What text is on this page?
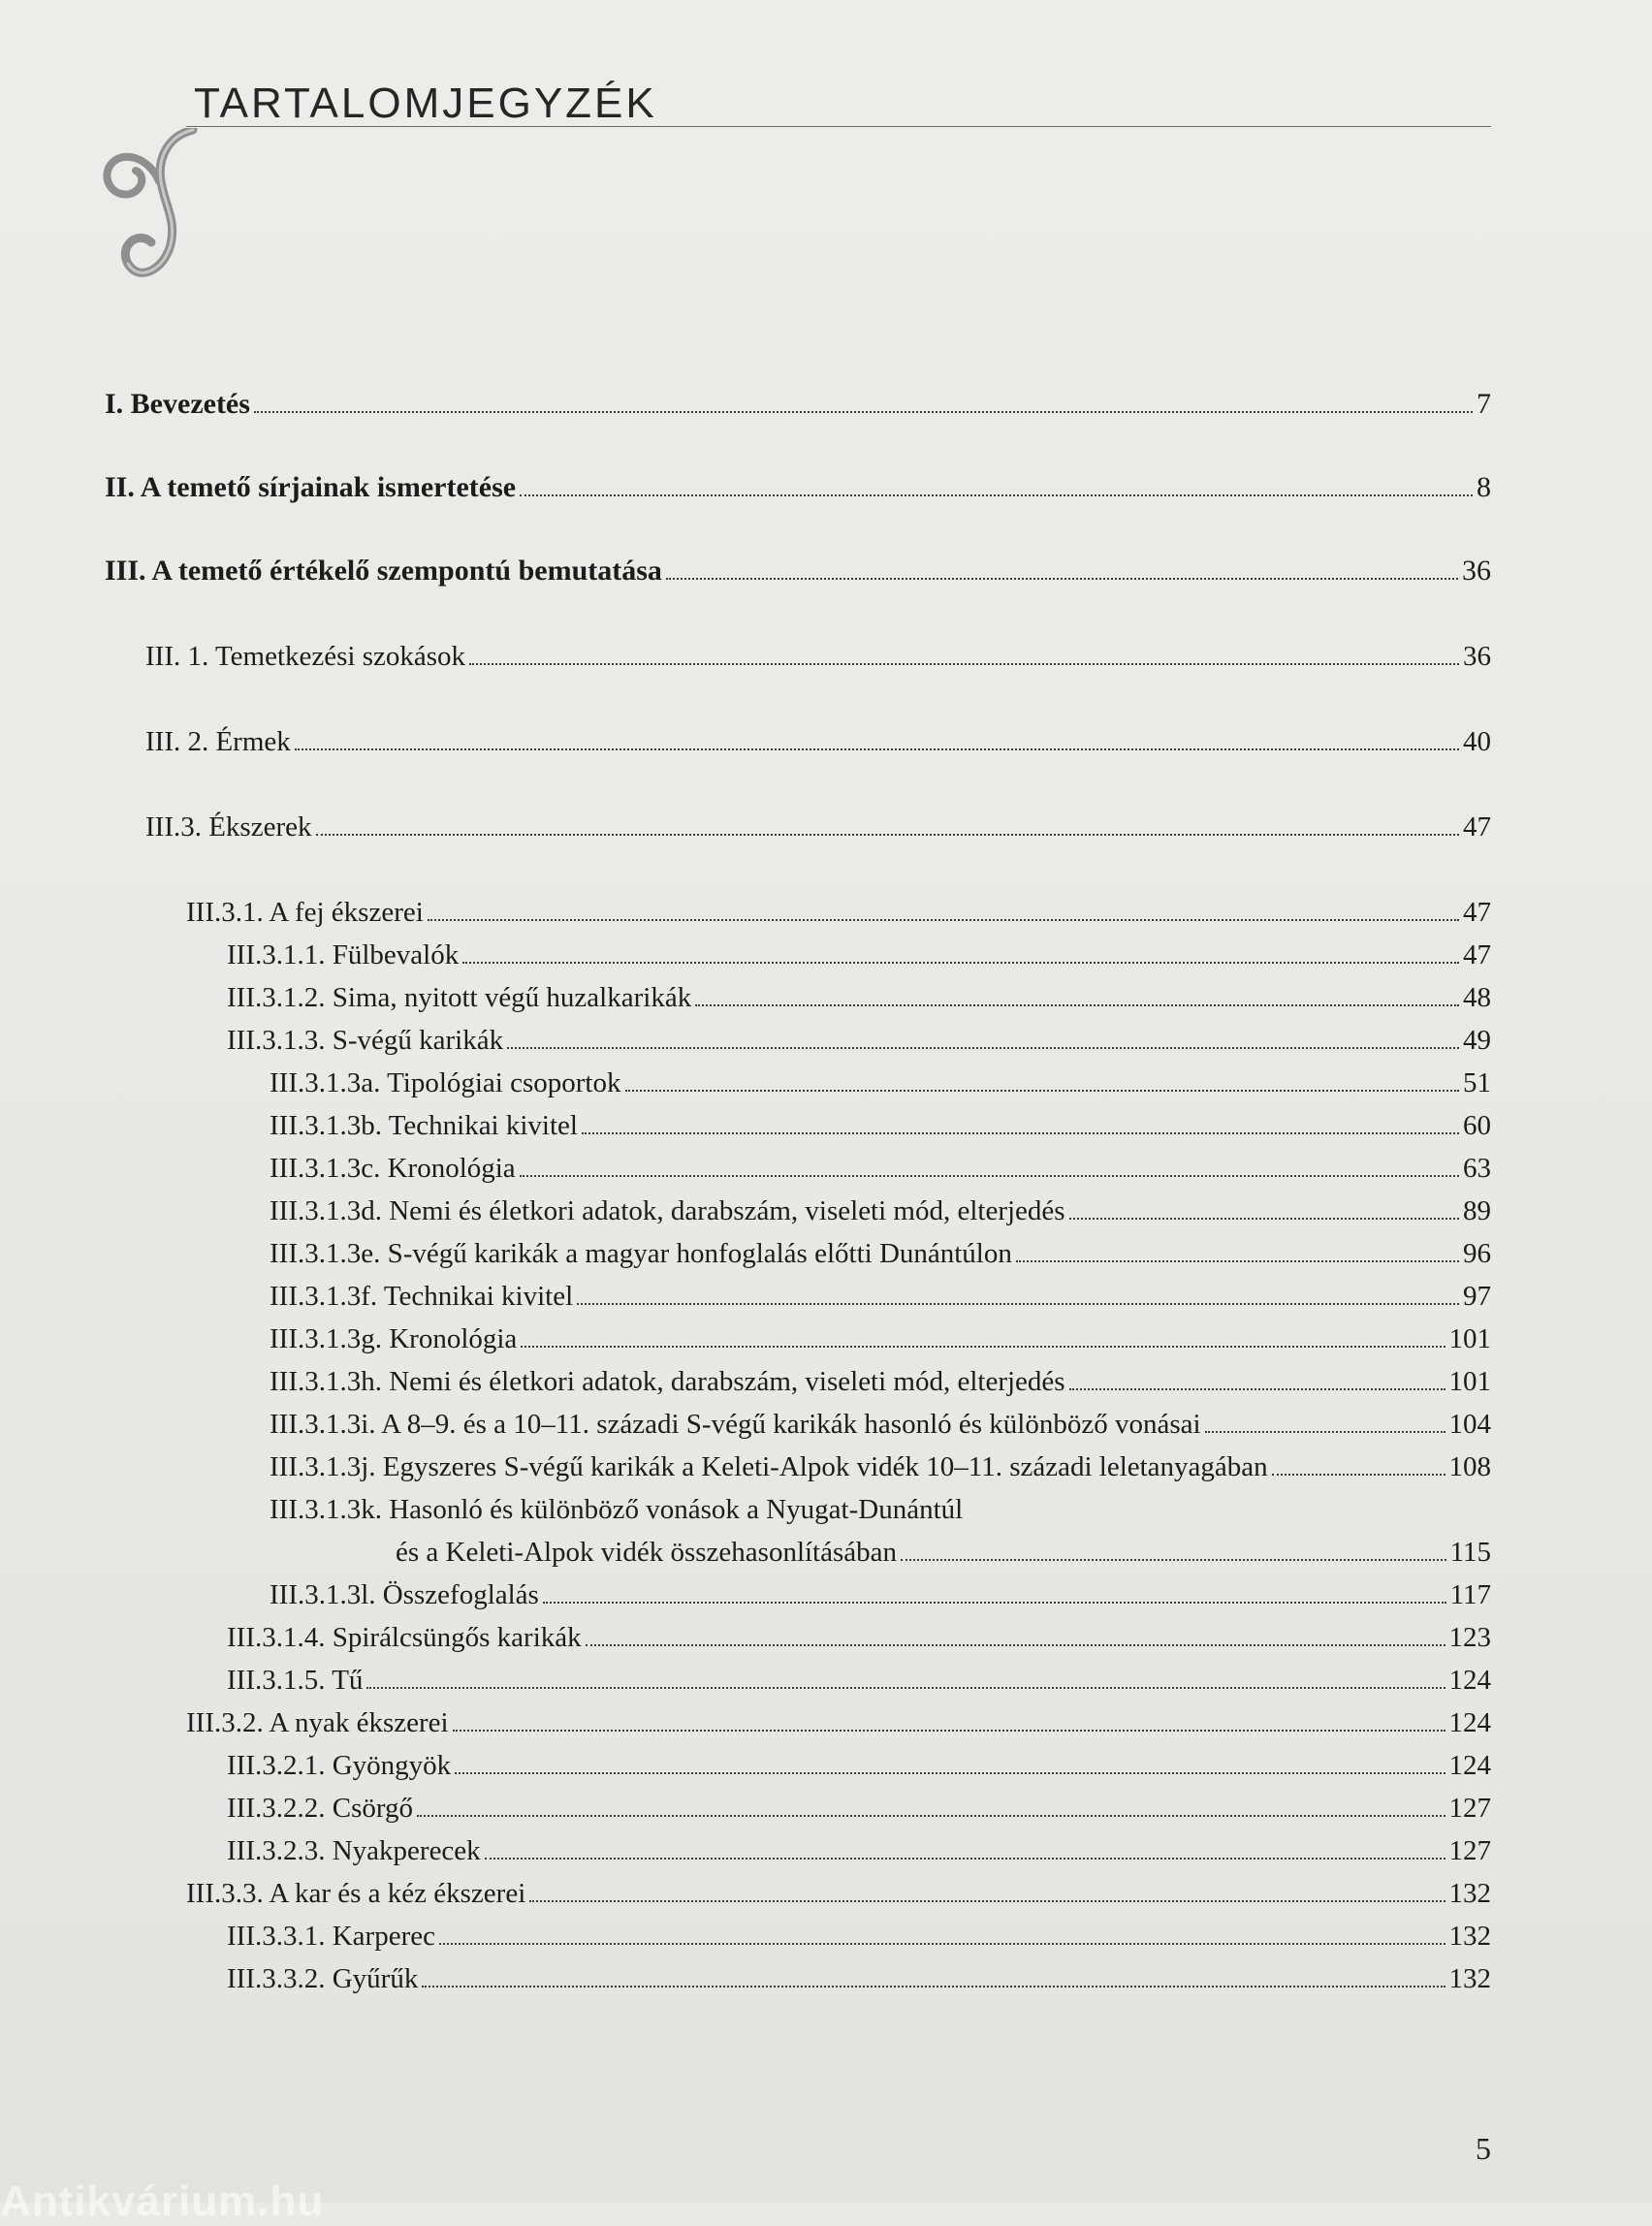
TARTALOMJEGYZÉK
I. Bevezetés	7
II. A temető sírjainak ismertetése	8
III. A temető értékelő szempontú bemutatása	36
III. 1. Temetkezési szokások	36
III. 2. Érmek	40
III.3. Ékszerek	47
III.3.1. A fej ékszerei	47
III.3.1.1. Fülbevalók	47
III.3.1.2. Sima, nyitott végű huzalkarikák	48
III.3.1.3. S-végű karikák	49
III.3.1.3a. Tipológiai csoportok	51
III.3.1.3b. Technikai kivitel	60
III.3.1.3c. Kronológia	63
III.3.1.3d. Nemi és életkori adatok, darabszám, viseleti mód, elterjedés	89
III.3.1.3e. S-végű karikák a magyar honfoglalás előtti Dunántúlon	96
III.3.1.3f. Technikai kivitel	97
III.3.1.3g. Kronológia	101
III.3.1.3h. Nemi és életkori adatok, darabszám, viseleti mód, elterjedés	101
III.3.1.3i. A 8–9. és a 10–11. századi S-végű karikák hasonló és különböző vonásai	104
III.3.1.3j. Egyszeres S-végű karikák a Keleti-Alpok vidék 10–11. századi leletanyagában	108
III.3.1.3k. Hasonló és különböző vonások a Nyugat-Dunántúl
és a Keleti-Alpok vidék összehasonlításában	115
III.3.1.3l. Összefoglalás	117
III.3.1.4. Spirálcsüngős karikák	123
III.3.1.5. Tű	124
III.3.2. A nyak ékszerei	124
III.3.2.1. Gyöngyök	124
III.3.2.2. Csörgő	127
III.3.2.3. Nyakperecek	127
III.3.3. A kar és a kéz ékszerei	132
III.3.3.1. Karperec	132
III.3.3.2. Gyűrűk	132
5
Antikvárium.hu
